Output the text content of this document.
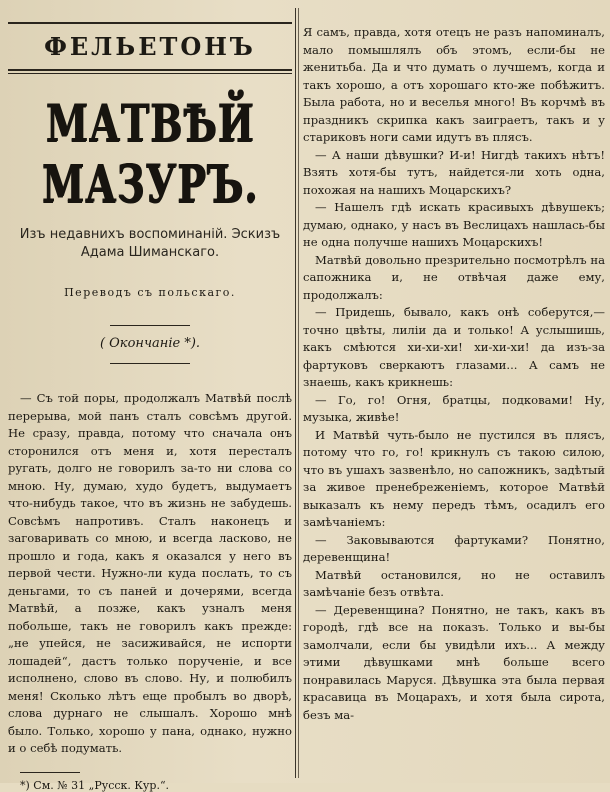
ФЕЛЬЕТОНЪ
МАТВѢЙ МАЗУРЪ.
Изъ недавнихъ воспоминаній. Эскизъ
Адама Шиманскаго.
Переводъ съ польскаго.
( Окончаніе *).

— Съ той поры, продолжалъ Матвѣй послѣ перерыва, мой панъ сталъ совсѣмъ другой. Не сразу, правда, потому что сначала онъ сторонился отъ меня и, хотя пересталъ ругать, долго не говорилъ за-то ни слова со мною. Ну, думаю, худо будетъ, выдумаетъ что-нибудь такое, что въ жизнь не забудешь. Совсѣмъ напротивъ. Сталъ наконецъ и заговаривать со мною, и всегда ласково, не прошло и года, какъ я оказался у него въ первой чести. Нужно-ли куда послать, то съ деньгами, то съ паней и дочерями, всегда Матвѣй, а позже, какъ узналъ меня побольше, такъ не говорилъ какъ прежде: „не упейся, не засиживайся, не испорти лошадей“, дастъ только порученіе, и все исполнено, слово въ слово. Ну, и полюбилъ меня! Сколько лѣтъ еще пробылъ во дворѣ, слова дурнаго не слышалъ. Хорошо мнѣ было. Только, хорошо у пана, однако, нужно и о себѣ подумать.

*) См. № 31 „Русск. Кур.“.

Я самъ, правда, хотя отецъ не разъ напоминалъ, мало помышлялъ объ этомъ, если-бы не женитьба. Да и что думать о лучшемъ, когда и такъ хорошо, а отъ хорошаго кто-же побѣжитъ. Была работа, но и веселья много! Въ корчмѣ въ праздникъ скрипка какъ заиграетъ, такъ и у стариковъ ноги сами идутъ въ плясъ.

— А наши дѣвушки? И-и! Нигдѣ такихъ нѣтъ! Взять хотя-бы тутъ, найдется-ли хоть одна, похожая на нашихъ Моцарскихъ?

— Нашелъ гдѣ искать красивыхъ дѣвушекъ; думаю, однако, у насъ въ Веслицахъ нашлась-бы не одна получше нашихъ Моцарскихъ!

Матвѣй довольно презрительно посмотрѣлъ на сапожника и, не отвѣчая даже ему, продолжалъ:

— Придешь, бывало, какъ онѣ соберутся,—точно цвѣты, лиліи да и только! А услышишь, какъ смѣются хи-хи-хи! хи-хи-хи! да изъ-за фартуковъ сверкаютъ глазами... А самъ не знаешь, какъ крикнешь:

— Го, го! Огня, братцы, подковами! Ну, музыка, живѣе!

И Матвѣй чуть-было не пустился въ плясъ, потому что го, го! крикнулъ съ такою силою, что въ ушахъ зазвенѣло, но сапожникъ, задѣтый за живое пренебреженіемъ, которое Матвѣй выказалъ къ нему передъ тѣмъ, осадилъ его замѣчаніемъ:

— Заковываются фартуками? Понятно, деревенщина!

Матвѣй остановился, но не оставилъ замѣчаніе безъ отвѣта.

— Деревенщина? Понятно, не такъ, какъ въ городѣ, гдѣ все на показъ. Только и вы-бы замолчали, если бы увидѣли ихъ... А между этими дѣвушками мнѣ больше всего понравилась Маруся. Дѣвушка эта была первая красавица въ Моцарахъ, и хотя была сирота, безъ ма-
